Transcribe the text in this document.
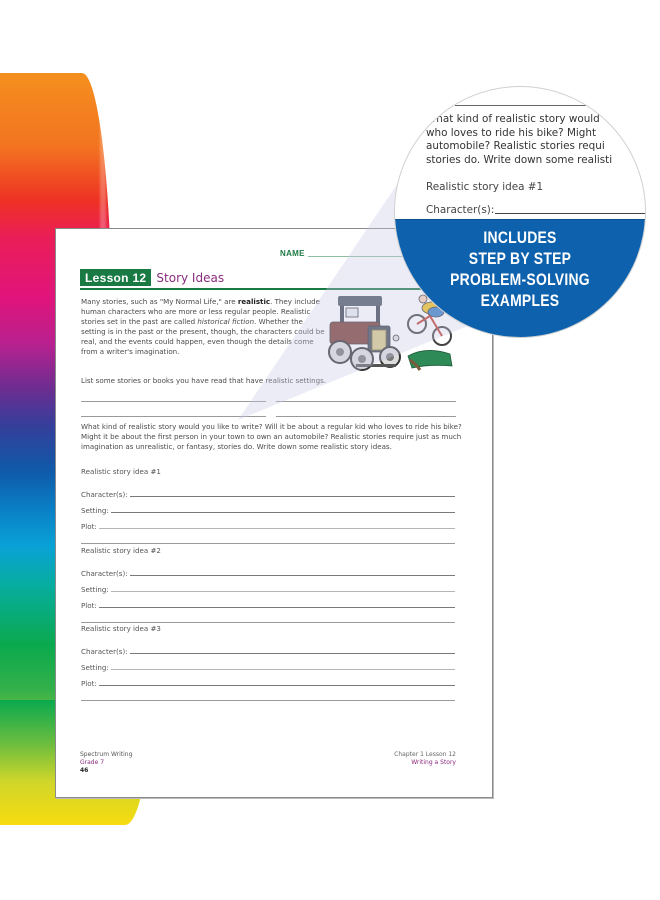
NAME
Lesson 12 Story Ideas

Many stories, such as "My Normal Life," are realistic. They include human characters who are more or less regular people. Realistic stories set in the past are called historical fiction. Whether the setting is in the past or the present, though, the characters could be real, and the events could happen, even though the details come from a writer's imagination.

List some stories or books you have read that have realistic settings.

What kind of realistic story would you like to write? Will it be about a regular kid who loves to ride his bike? Might it be about the first person in your town to own an automobile? Realistic stories require just as much imagination as unrealistic, or fantasy, stories do. Write down some realistic story ideas.

Realistic story idea #1
Character(s):
Setting:
Plot:
Realistic story idea #2
Character(s):
Setting:
Plot:
Realistic story idea #3
Character(s):
Setting:
Plot:
Spectrum Writing
Grade 7
46
Chapter 1 Lesson 12
Writing a Story
What kind of realistic story would
who loves to ride his bike? Might
automobile? Realistic stories requi
stories do. Write down some realisti
Realistic story idea #1
Character(s):
INCLUDES
STEP BY STEP
PROBLEM-SOLVING
EXAMPLES
